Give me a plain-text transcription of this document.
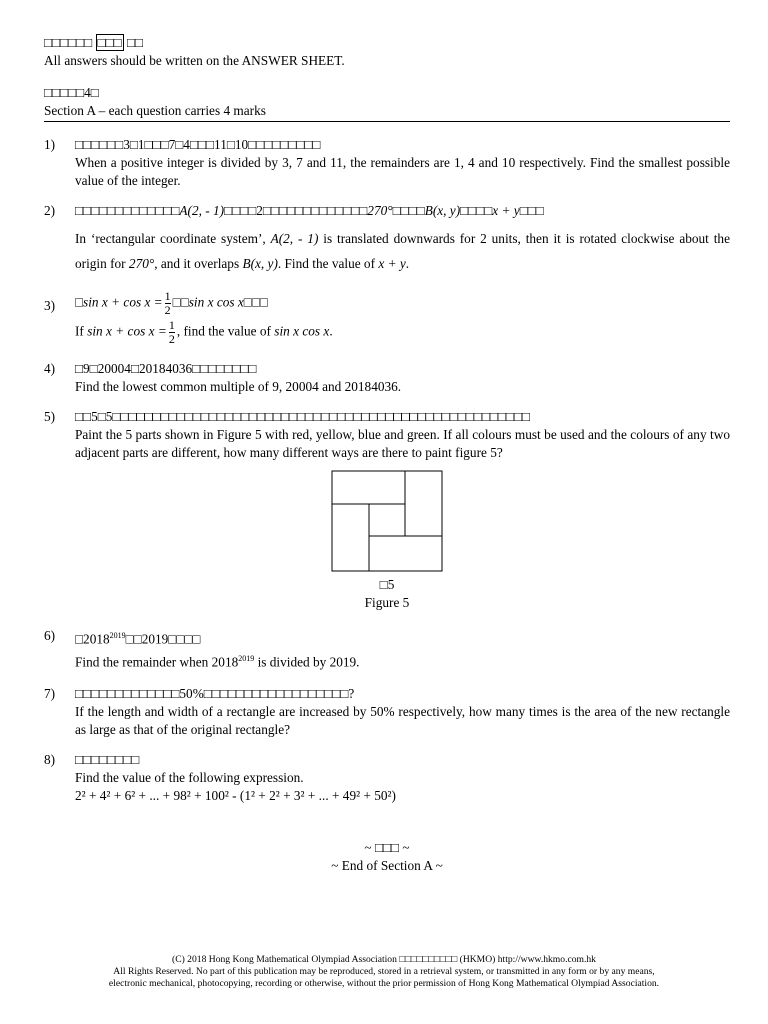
□□□□□□ □□□ □□
All answers should be written on the ANSWER SHEET.
□□□□□4□
Section A – each question carries 4 marks
1) □□□□□□3□1□□□7□4□□□11□10□□□□□□□□□
When a positive integer is divided by 3, 7 and 11, the remainders are 1, 4 and 10 respectively. Find the smallest possible value of the integer.
2) □□□□□□□□□□□□□A(2, - 1)□□□□2□□□□□□□□□□□□□270°□□□□B(x, y)□□□□x + y□□□
In ‘rectangular coordinate system’, A(2, - 1) is translated downwards for 2 units, then it is rotated clockwise about the origin for 270°, and it overlaps B(x, y). Find the value of x + y.
3) □sin $x + \cos x = \frac{1}{2}$ □□sin x cos x□□□
If $\sin x + \cos x = \frac{1}{2}$ , find the value of sin x cos x.
4) □9□20004□20184036□□□□□□□□
Find the lowest common multiple of 9, 20004 and 20184036.
5) □□5□5□□□□□□□□□□□□□□□□□□□□□□□□□□□□□□□□□□□□□□□□□□□□□□□□□□□□
Paint the 5 parts shown in Figure 5 with red, yellow, blue and green. If all colours must be used and the colours of any two adjacent parts are different, how many different ways are there to paint figure 5?
□5
Figure 5
6) $□2018^{2019}□□2019□□□□$
Find the remainder when $2018^{2019}$ is divided by 2019.
7) □□□□□□□□□□□□□50%□□□□□□□□□□□□□□□□□□?
If the length and width of a rectangle are increased by 50% respectively, how many times is the area of the new rectangle as large as that of the original rectangle?
8) □□□□□□□□
Find the value of the following expression.
2² + 4² + 6² + ... + 98² + 100² - (1² + 2² + 3² + ... + 49² + 50²)
~ □□□ ~
~ End of Section A ~
(C) 2018 Hong Kong Mathematical Olympiad Association □□□□□□□□□□ (HKMO) http://www.hkmo.com.hk
All Rights Reserved. No part of this publication may be reproduced, stored in a retrieval system, or transmitted in any form or by any means,
electronic mechanical, photocopying, recording or otherwise, without the prior permission of Hong Kong Mathematical Olympiad Association.
